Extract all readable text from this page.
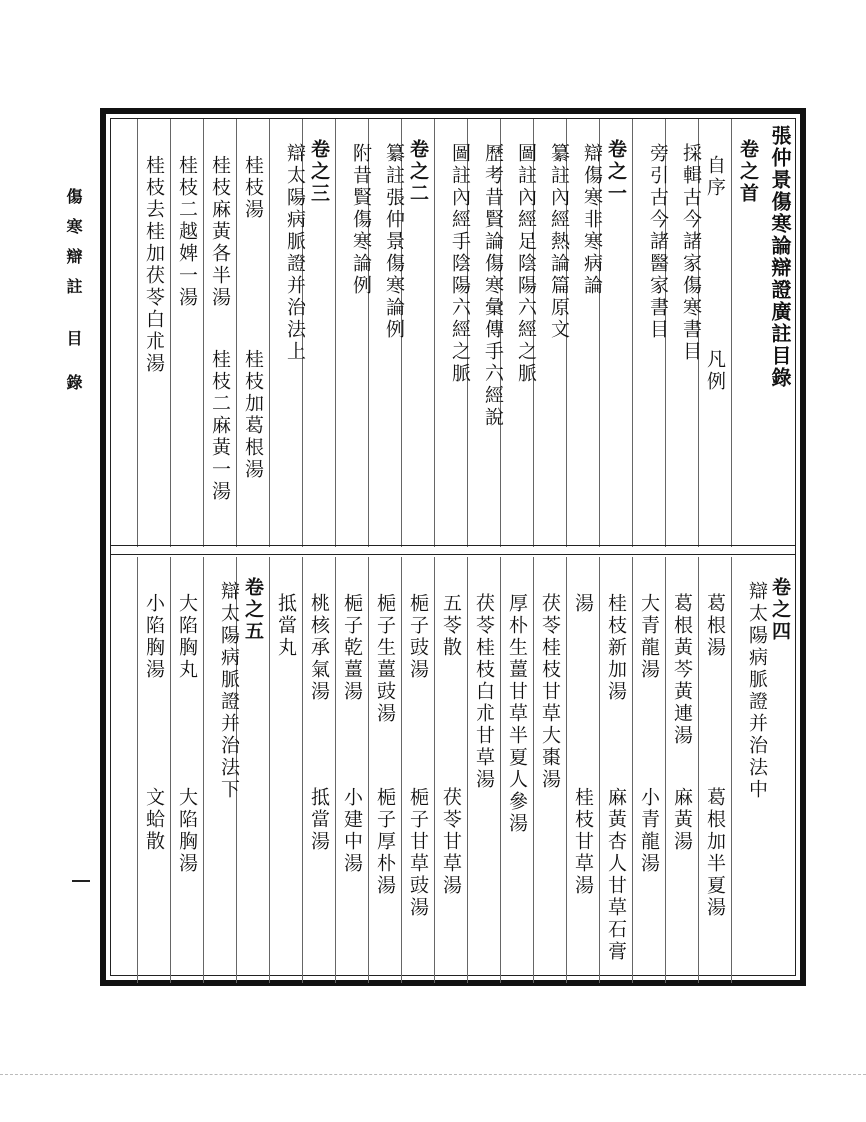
傷寒辯註
目錄	張仲景傷寒論辯證廣註目錄
卷之首
自序
凡例
採輯古今諸家傷寒書目
旁引古今諸醫家書目
卷之一
辯傷寒非寒病論
纂註內經熱論篇原文
圖註內經足陰陽六經之脈
歷考昔賢論傷寒彙傳手六經說
圖註內經手陰陽六經之脈
卷之二
纂註張仲景傷寒論例
附昔賢傷寒論例
卷之三
辯太陽病脈證并治法上
桂枝湯
桂枝加葛根湯
桂枝麻黃各半湯
桂枝二麻黃一湯
桂枝二越婢一湯
桂枝去桂加茯苓白朮湯
卷之四
辯太陽病脈證并治法中
葛根湯
葛根加半夏湯
葛根黃芩黃連湯
麻黃湯
大青龍湯
小青龍湯
桂枝新加湯
麻黃杏人甘草石膏
湯
桂枝甘草湯
茯苓桂枝甘草大棗湯
厚朴生薑甘草半夏人參湯
茯苓桂枝白朮甘草湯
五苓散
茯苓甘草湯
梔子豉湯
梔子甘草豉湯
梔子生薑豉湯
梔子厚朴湯
梔子乾薑湯
小建中湯
桃核承氣湯
抵當湯
抵當丸
卷之五
辯太陽病脈證并治法下
大陷胸丸
大陷胸湯
小陷胸湯
文蛤散
